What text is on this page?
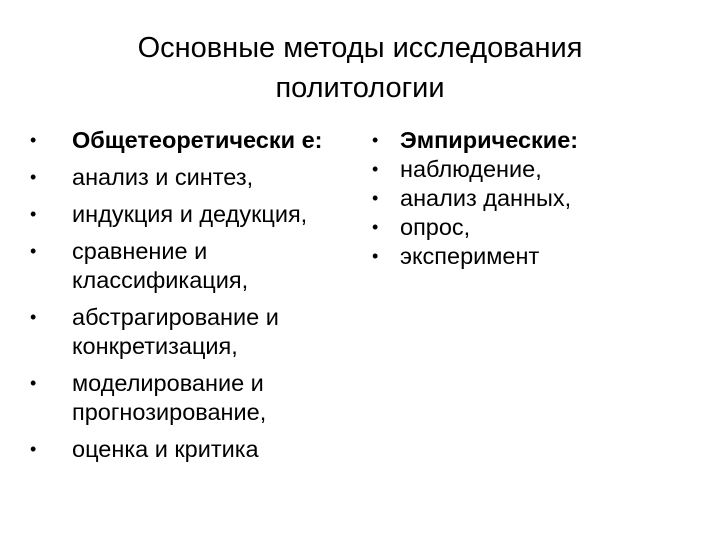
Основные методы исследования
политологии
•	Общетеоретически е:
•	анализ и синтез,
•	индукция и дедукция,
•	сравнение и классификация,
•	абстрагирование и конкретизация,
•	моделирование и прогнозирование,
•	оценка и критика
• Эмпирические:
• наблюдение,
• анализ данных,
• опрос,
• эксперимент
